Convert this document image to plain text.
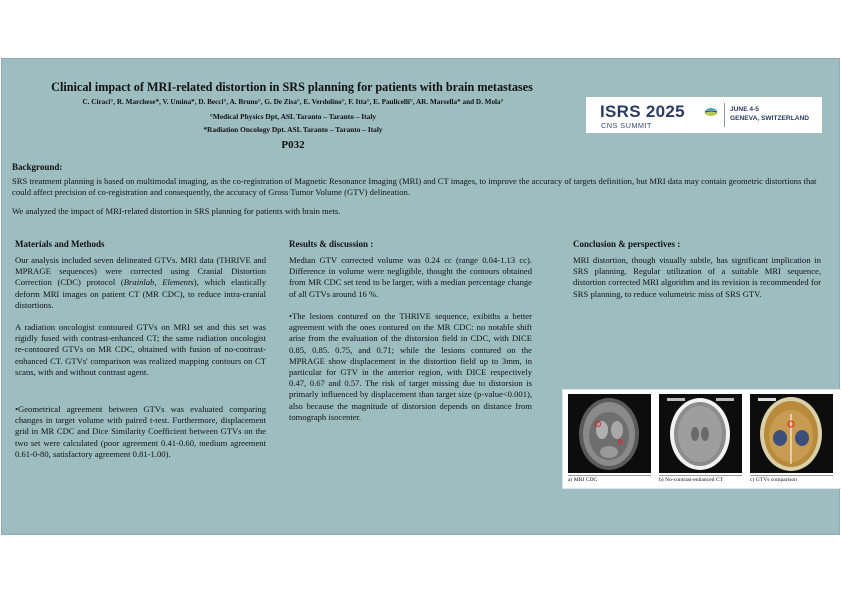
Clinical impact of MRI-related distortion in SRS planning for patients with brain metastases
C. Ciraci°, R. Marchese*, V. Umina*, D. Becci°, A. Bruno°, G. De Zisa°, E. Verdolino°, F. Itta°, E. Paulicelli°, AR. Marsella* and D. Mola°
°Medical Physics Dpt, ASL Taranto – Taranto – Italy
*Radiation Oncology Dpt. ASL Taranto – Taranto – Italy
P032
ISRS 2025
CNS SUMMIT
JUNE 4-5
GENEVA, SWITZERLAND
Background:
SRS treatment planning is based on multimodal imaging, as the co-registration of Magnetic Resonance Imaging (MRI) and CT images, to improve the accuracy of targets definition, but MRI data may contain geometric distortions that could affect precision of co-registration and consequently, the accuracy of Gross Tumor Volume (GTV) delineation.
We analyzed the impact of MRI-related distortion in SRS planning for patients with brain mets.
Materials and Methods
Our analysis included seven delineated GTVs. MRI data (THRIVE and MPRAGE sequences) were corrected using Cranial Distortion Correction (CDC) protocol (Brainlab, Elements), which elastically deform MRI images on patient CT (MR CDC), to reduce intra-cranial distortions.
A radiation oncologist contoured GTVs on MRI set and this set was rigidly fused with contrast-enhanced CT; the same radiation oncologist re-contoured GTVs on MR CDC, obtained with fusion of no-contrast-enhanced CT. GTVs' comparison was realized mapping contours on CT scans, with and without contrast agent.
•Geometrical agreement between GTVs was evaluated comparing changes in target volume with paired t-test. Furthermore, displacement grid in MR CDC and Dice Similarity Coefficient between GTVs on the two set were calculated (poor agreement 0.41-0.60, medium agreement 0.61-0-80, satisfactory agreement 0.81-1.00).
Results & discussion :
Median GTV corrected volume was 0.24 cc (range 0.04-1.13 cc). Difference in volume were negligible, thought the contours obtained from MR CDC set tend to be larger, with a median percentage change of all GTVs around 16 %.
•The lesions contured on the THRIVE sequence, exibiths a better agreement with the ones contured on the MR CDC: no notable shift arise from the evaluation of the distorsion field in CDC, with DICE 0.85, 0.85. 0.75, and 0.71; while the lesions contured on the MPRAGE show displacement in the distortion field up to 3mm, in particular for GTV in the anterior region, with DICE respectively 0.47, 0.67 and 0.57. The risk of target missing due to distorsion is primarly influenced by displacement than target size (p-value<0.001), also because the magnitude of distorsion depends on distance from tomograph isocenter.
Conclusion & perspectives :
MRI distortion, though visually subtle, has significant implication in SRS planning. Regular utilization of a suitable MRI sequence, distortion corrected MRI algorithm and its revision is recommended for SRS planning, to reduce volumetric miss of SRS GTV.
a) MRI CDC	b) No-contrast-enhanced CT	c) GTVs comparison
